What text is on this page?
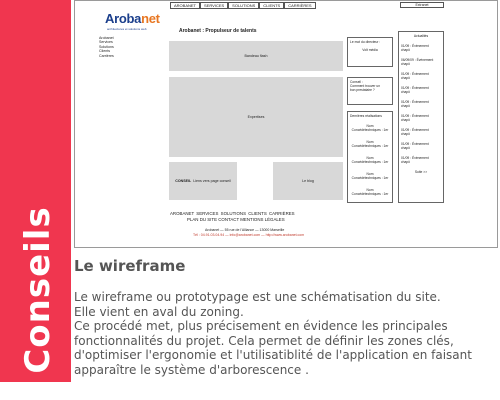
Conseils
Arobanet
architectures et solutions web
AROBANET	SERVICES	SOLUTIONS	CLIENTS	CARRIÈRES	Extranet
Arobanet
Services
Solutions
Clients
Carrières
Arobanet : Propulseur de talents
Bandeau flash
Expertises
CONSEIL Liens vers page conseil	Le blog
Le mot du directeur :
Volt média
Conseil :
Comment trouver un
bon prestataire ?
Dernières réalisations
Nom
Concédétechniques : 1er
Nom
Concédétechniques : 1er
Nom
Concédétechniques : 1er
Nom
Concédétechniques : 1er
Nom
Concédétechniques : 1er
Actualités
01/09 : Évènement
chapô
06/09/09 : Évènement
chapô
01/09 : Évènement
chapô
01/09 : Évènement
chapô
01/09 : Évènement
chapô
01/09 : Évènement
chapô
01/09 : Évènement
chapô
01/09 : Évènement
chapô
01/09 : Évènement
chapô
Suite >>
AROBANET SERVICES SOLUTIONS CLIENTS CARRIÈRES
PLAN DU SITE CONTACT MENTIONS LÉGALES
Arobanet — 55 rue de l'Alliance — 13000 Marseille
Tél : 04.91.03.04.94 — info@arobanet.com — http://www.arobanet.com
Le wireframe

Le wireframe ou prototypage est une schématisation du site.

Elle vient en aval du zoning.

Ce procédé met, plus précisement en évidence les principales

fonctionnalités du projet. Cela permet de définir les zones clés,

d'optimiser l'ergonomie et l'utilisatiblité de l'application en faisant

apparaître le système d'arborescence .
